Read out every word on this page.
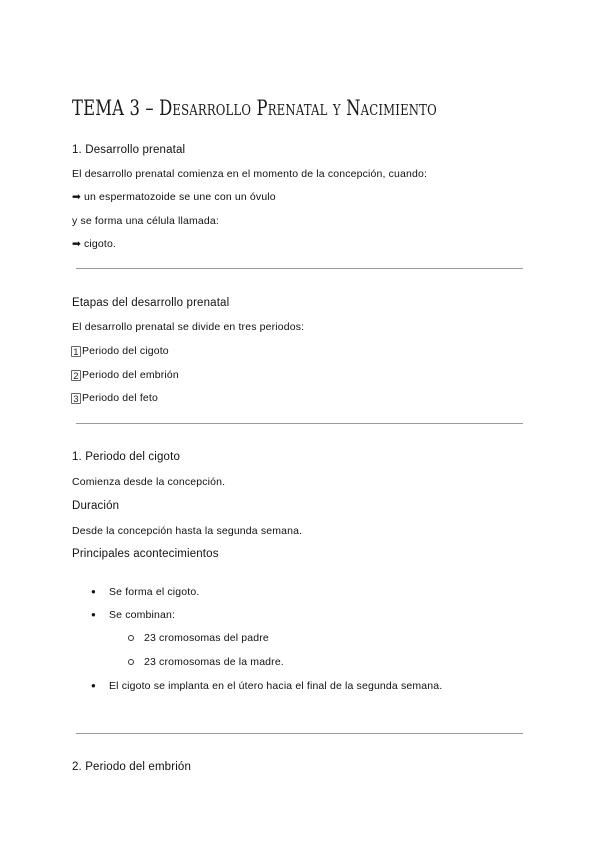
TEMA 3 – Desarrollo Prenatal y Nacimiento
1. Desarrollo prenatal
El desarrollo prenatal comienza en el momento de la concepción, cuando:
➡ un espermatozoide se une con un óvulo
y se forma una célula llamada:
➡ cigoto.
Etapas del desarrollo prenatal
El desarrollo prenatal se divide en tres periodos:
1 Periodo del cigoto
2 Periodo del embrión
3 Periodo del feto
1. Periodo del cigoto
Comienza desde la concepción.
Duración
Desde la concepción hasta la segunda semana.
Principales acontecimientos
● Se forma el cigoto.
● Se combinan:
23 cromosomas del padre
23 cromosomas de la madre.
● El cigoto se implanta en el útero hacia el final de la segunda semana.
2. Periodo del embrión
